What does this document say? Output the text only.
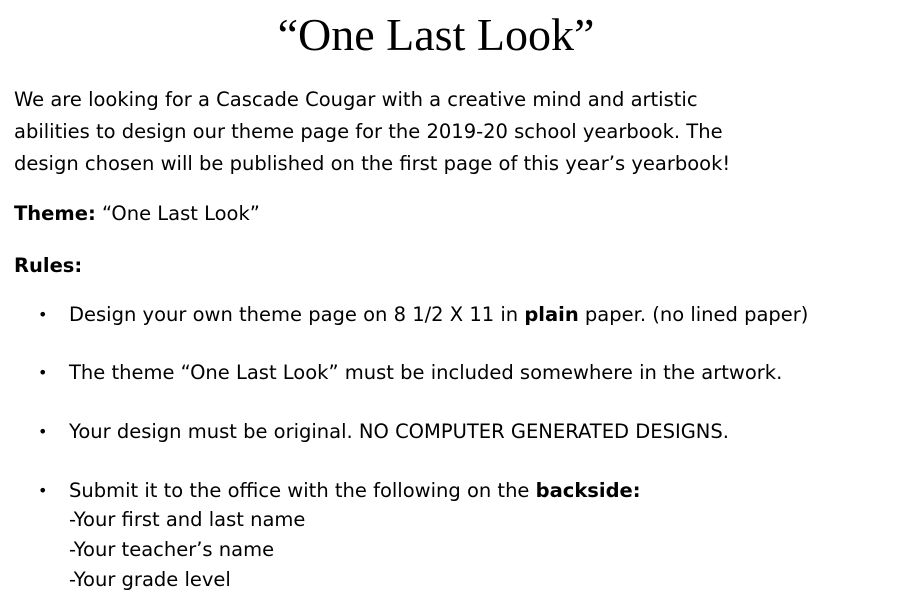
“One Last Look”

We are looking for a Cascade Cougar with a creative mind and artistic
abilities to design our theme page for the 2019-20 school yearbook. The
design chosen will be published on the first page of this year’s yearbook!

Theme: “One Last Look”
Rules:
•	Design your own theme page on 8 1/2 X 11 in plain paper. (no lined paper)
•	The theme “One Last Look” must be included somewhere in the artwork.
•	Your design must be original. NO COMPUTER GENERATED DESIGNS.
•	Submit it to the office with the following on the backside:
-Your first and last name
-Your teacher’s name
-Your grade level
